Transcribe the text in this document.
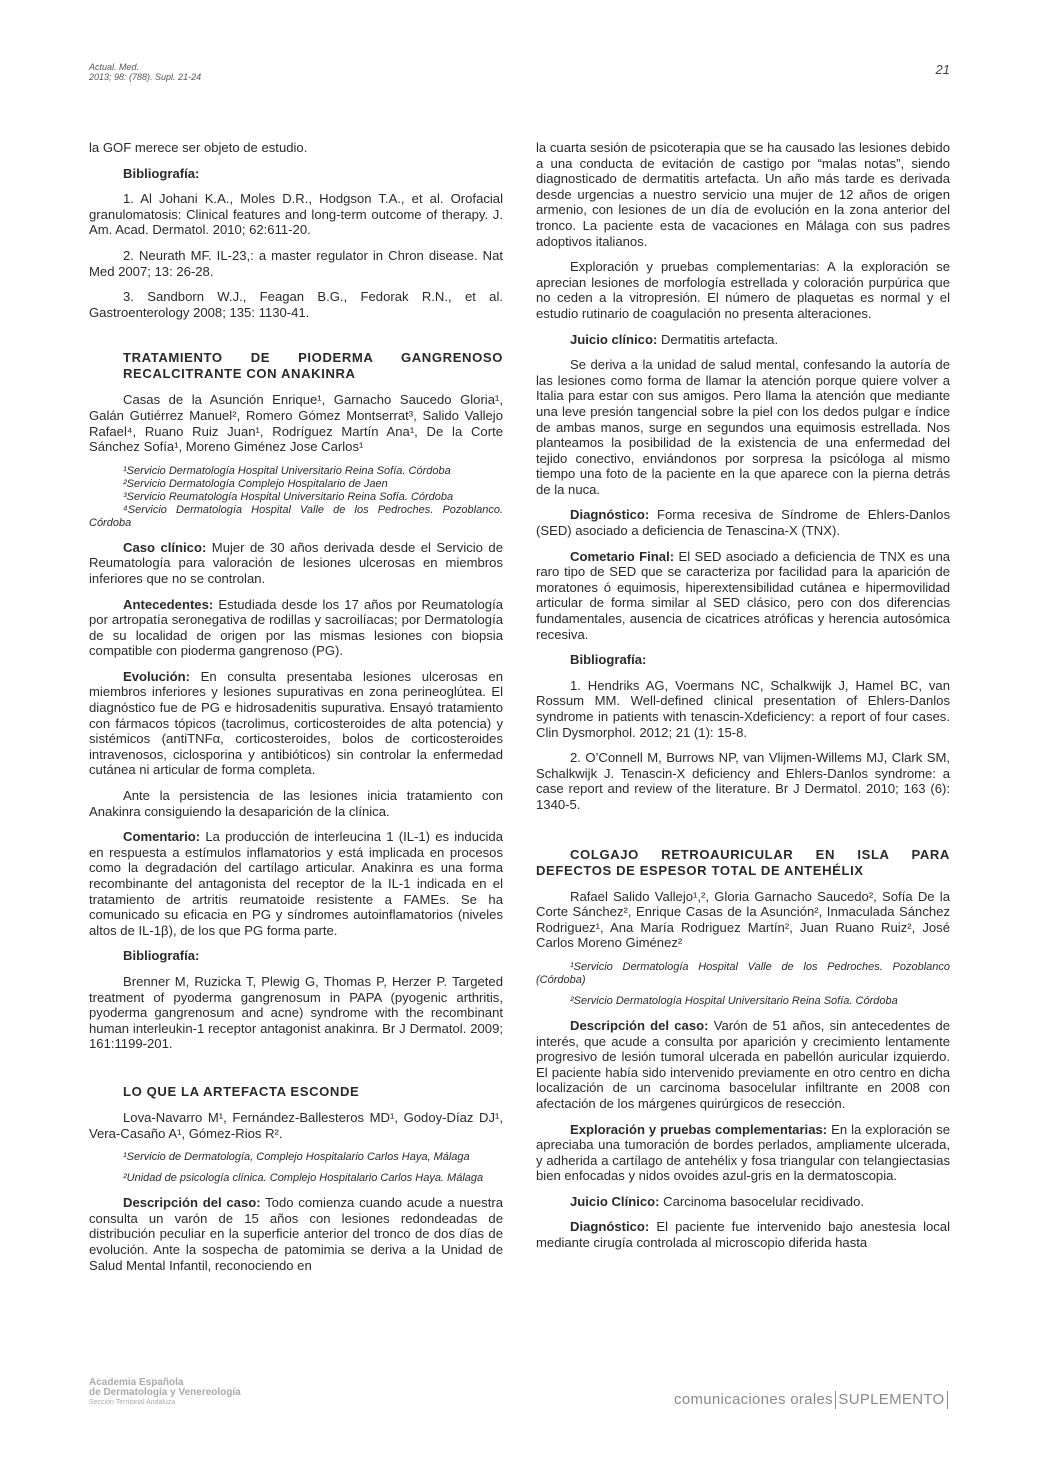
Actual. Med.
2013; 98: (788). Supl. 21-24	21

la GOF merece ser objeto de estudio.

Bibliografía:

1. Al Johani K.A., Moles D.R., Hodgson T.A., et al. Orofacial granulomatosis: Clinical features and long-term outcome of therapy. J. Am. Acad. Dermatol. 2010; 62:611-20.

2. Neurath MF. IL-23,: a master regulator in Chron disease. Nat Med 2007; 13: 26-28.

3. Sandborn W.J., Feagan B.G., Fedorak R.N., et al. Gastroenterology 2008; 135: 1130-41.

TRATAMIENTO DE PIODERMA GANGRENOSO RECALCITRANTE CON ANAKINRA

Casas de la Asunción Enrique¹, Garnacho Saucedo Gloria¹, Galán Gutiérrez Manuel², Romero Gómez Montserrat³, Salido Vallejo Rafael⁴, Ruano Ruiz Juan¹, Rodríguez Martín Ana¹, De la Corte Sánchez Sofía¹, Moreno Giménez Jose Carlos¹

¹Servicio Dermatología Hospital Universitario Reina Sofía. Córdoba

²Servicio Dermatología Complejo Hospitalario de Jaen

³Servicio Reumatología Hospital Universitario Reina Sofía. Córdoba

⁴Servicio Dermatología Hospital Valle de los Pedroches. Pozoblanco. Córdoba

Caso clínico: Mujer de 30 años derivada desde el Servicio de Reumatología para valoración de lesiones ulcerosas en miembros inferiores que no se controlan.

Antecedentes: Estudiada desde los 17 años por Reumatología por artropatía seronegativa de rodillas y sacroilíacas; por Dermatología de su localidad de origen por las mismas lesiones con biopsia compatible con pioderma gangrenoso (PG).

Evolución: En consulta presentaba lesiones ulcerosas en miembros inferiores y lesiones supurativas en zona perineoglútea. El diagnóstico fue de PG e hidrosadenitis supurativa. Ensayó tratamiento con fármacos tópicos (tacrolimus, corticosteroides de alta potencia) y sistémicos (antiTNFα, corticosteroides, bolos de corticosteroides intravenosos, ciclosporina y antibióticos) sin controlar la enfermedad cutánea ni articular de forma completa.

Ante la persistencia de las lesiones inicia tratamiento con Anakinra consiguiendo la desaparición de la clínica.

Comentario: La producción de interleucina 1 (IL-1) es inducida en respuesta a estímulos inflamatorios y está implicada en procesos como la degradación del cartílago articular. Anakinra es una forma recombinante del antagonista del receptor de la IL-1 indicada en el tratamiento de artritis reumatoide resistente a FAMEs. Se ha comunicado su eficacia en PG y síndromes autoinflamatorios (niveles altos de IL-1β), de los que PG forma parte.

Bibliografía:

Brenner M, Ruzicka T, Plewig G, Thomas P, Herzer P. Targeted treatment of pyoderma gangrenosum in PAPA (pyogenic arthritis, pyoderma gangrenosum and acne) syndrome with the recombinant human interleukin-1 receptor antagonist anakinra. Br J Dermatol. 2009; 161:1199-201.

LO QUE LA ARTEFACTA ESCONDE

Lova-Navarro M¹, Fernández-Ballesteros MD¹, Godoy-Díaz DJ¹, Vera-Casaño A¹, Gómez-Rios R².

¹Servicio de Dermatología, Complejo Hospitalario Carlos Haya, Málaga

²Unidad de psicología clínica. Complejo Hospitalario Carlos Haya. Málaga

Descripción del caso: Todo comienza cuando acude a nuestra consulta un varón de 15 años con lesiones redondeadas de distribución peculiar en la superficie anterior del tronco de dos días de evolución. Ante la sospecha de patomimia se deriva a la Unidad de Salud Mental Infantil, reconociendo en

la cuarta sesión de psicoterapia que se ha causado las lesiones debido a una conducta de evitación de castigo por “malas notas”, siendo diagnosticado de dermatitis artefacta. Un año más tarde es derivada desde urgencias a nuestro servicio una mujer de 12 años de origen armenio, con lesiones de un día de evolución en la zona anterior del tronco. La paciente esta de vacaciones en Málaga con sus padres adoptivos italianos.

Exploración y pruebas complementarias: A la exploración se aprecian lesiones de morfología estrellada y coloración purpúrica que no ceden a la vitropresión. El número de plaquetas es normal y el estudio rutinario de coagulación no presenta alteraciones.

Juicio clínico: Dermatitis artefacta.

Se deriva a la unidad de salud mental, confesando la autoría de las lesiones como forma de llamar la atención porque quiere volver a Italia para estar con sus amigos. Pero llama la atención que mediante una leve presión tangencial sobre la piel con los dedos pulgar e índice de ambas manos, surge en segundos una equimosis estrellada. Nos planteamos la posibilidad de la existencia de una enfermedad del tejido conectivo, enviándonos por sorpresa la psicóloga al mismo tiempo una foto de la paciente en la que aparece con la pierna detrás de la nuca.

Diagnóstico: Forma recesiva de Síndrome de Ehlers-Danlos (SED) asociado a deficiencia de Tenascina-X (TNX).

Cometario Final: El SED asociado a deficiencia de TNX es una raro tipo de SED que se caracteriza por facilidad para la aparición de moratones ó equimosis, hiperextensibilidad cutánea e hipermovilidad articular de forma similar al SED clásico, pero con dos diferencias fundamentales, ausencia de cicatrices atróficas y herencia autosómica recesiva.

Bibliografía:

1. Hendriks AG, Voermans NC, Schalkwijk J, Hamel BC, van Rossum MM. Well-defined clinical presentation of Ehlers-Danlos syndrome in patients with tenascin-Xdeficiency: a report of four cases. Clin Dysmorphol. 2012; 21 (1): 15-8.

2. O’Connell M, Burrows NP, van Vlijmen-Willems MJ, Clark SM, Schalkwijk J. Tenascin-X deficiency and Ehlers-Danlos syndrome: a case report and review of the literature. Br J Dermatol. 2010; 163 (6): 1340-5.

COLGAJO RETROAURICULAR EN ISLA PARA DEFECTOS DE ESPESOR TOTAL DE ANTEHÉLIX

Rafael Salido Vallejo¹,², Gloria Garnacho Saucedo², Sofía De la Corte Sánchez², Enrique Casas de la Asunción², Inmaculada Sánchez Rodriguez¹, Ana María Rodriguez Martín², Juan Ruano Ruiz², José Carlos Moreno Giménez²

¹Servicio Dermatología Hospital Valle de los Pedroches. Pozoblanco (Córdoba)

²Servicio Dermatología Hospital Universitario Reina Sofía. Córdoba

Descripción del caso: Varón de 51 años, sin antecedentes de interés, que acude a consulta por aparición y crecimiento lentamente progresivo de lesión tumoral ulcerada en pabellón auricular izquierdo. El paciente había sido intervenido previamente en otro centro en dicha localización de un carcinoma basocelular infiltrante en 2008 con afectación de los márgenes quirúrgicos de resección.

Exploración y pruebas complementarias: En la exploración se apreciaba una tumoración de bordes perlados, ampliamente ulcerada, y adherida a cartílago de antehélix y fosa triangular con telangiectasias bien enfocadas y nidos ovoides azul-gris en la dermatoscopia.

Juicio Clínico: Carcinoma basocelular recidivado.

Diagnóstico: El paciente fue intervenido bajo anestesia local mediante cirugía controlada al microscopio diferida hasta

Academia Española
de Dermatología y Venereología
Sección Territorial Andaluza	comunicaciones orales SUPLEMENTO
